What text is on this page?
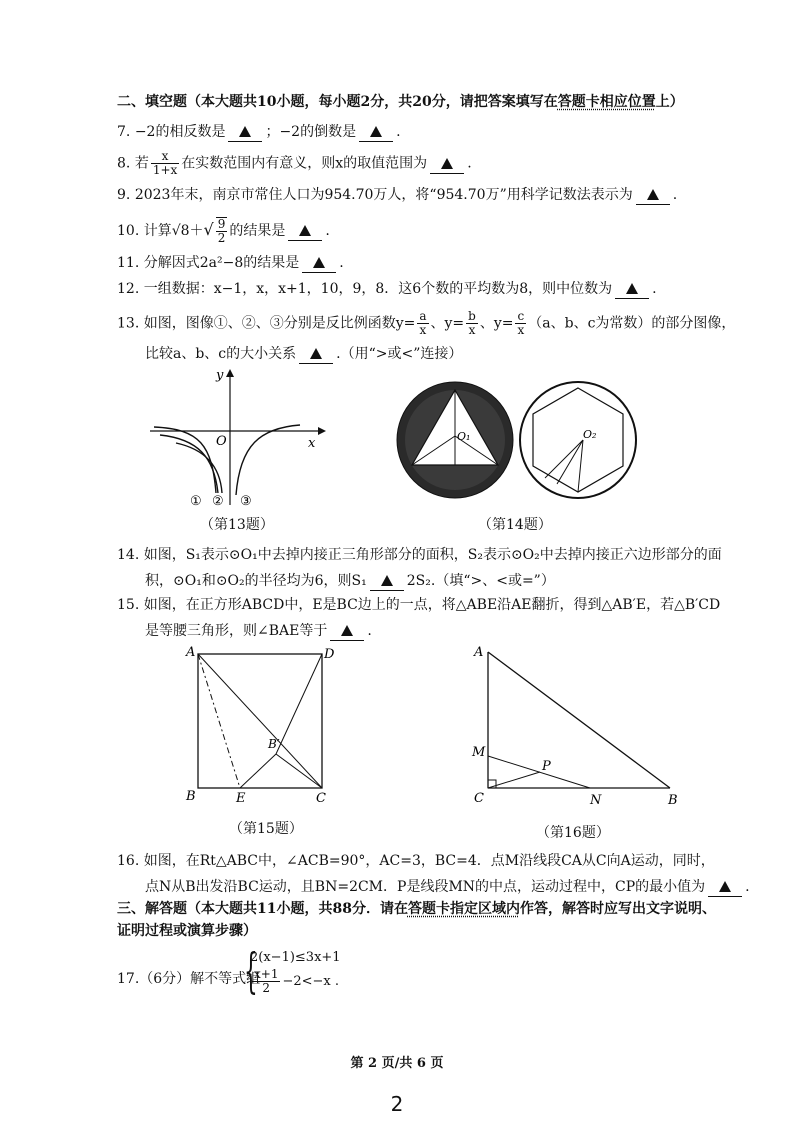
二、填空题（本大题共10小题，每小题2分，共20分，请把答案填写在答题卡相应位置上）
7. −2的相反数是	；−2的倒数是	.
8. 若 $\frac{x}{1+x}$ 在实数范围内有意义，则x的取值范围为	.
9. 2023年末，南京市常住人口为954.70万人，将“954.70万”用科学记数法表示为	.
10. 计算$√8+√ \frac{9}{2}$ 的结果是	.
11. 分解因式2a²−8的结果是	.
12. 一组数据：x−1，x，x+1，10，9，8．这6个数的平均数为8，则中位数为	.
13. 如图，图像①、②、③分别是反比例函数$y= \frac{a}{x}$ 、$y= \frac{b}{x}$ 、$y= \frac{c}{x} (a$、b、c为常数）的部分图像，
比较a、b、c的大小关系	.（用“>或<”连接）
y
x
O
① ② ③
（第13题）
O₁	O₂
（第14题）
14. 如图，S₁表示⊙O₁中去掉内接正三角形部分的面积，S₂表示⊙O₂中去掉内接正六边形部分的面
积，⊙O₁和⊙O₂的半径均为6，则S₁	2S₂.（填“>、<或=”）
15. 如图，在正方形ABCD中，E是BC边上的一点，将△ABE沿AE翻折，得到△AB′E，若△B′CD
是等腰三角形，则∠BAE等于	.
A	D
B′
B	E	C
（第15题）
A
M
P
C	N	B
（第16题）
16. 如图，在Rt△ABC中，∠ACB=90°，AC=3，BC=4．点M沿线段CA从C向A运动，同时，
点N从B出发沿BC运动，且BN=2CM．P是线段MN的中点，运动过程中，CP的最小值为	.
三、解答题（本大题共11小题，共88分．请在答题卡指定区域内作答，解答时应写出文字说明、
证明过程或演算步骤）
17.（6分）解不等式组
{
2(x−1)≤3x+1
$\frac{x+1}{2} -2<-x$ .
第 2 页/共 6 页
2
